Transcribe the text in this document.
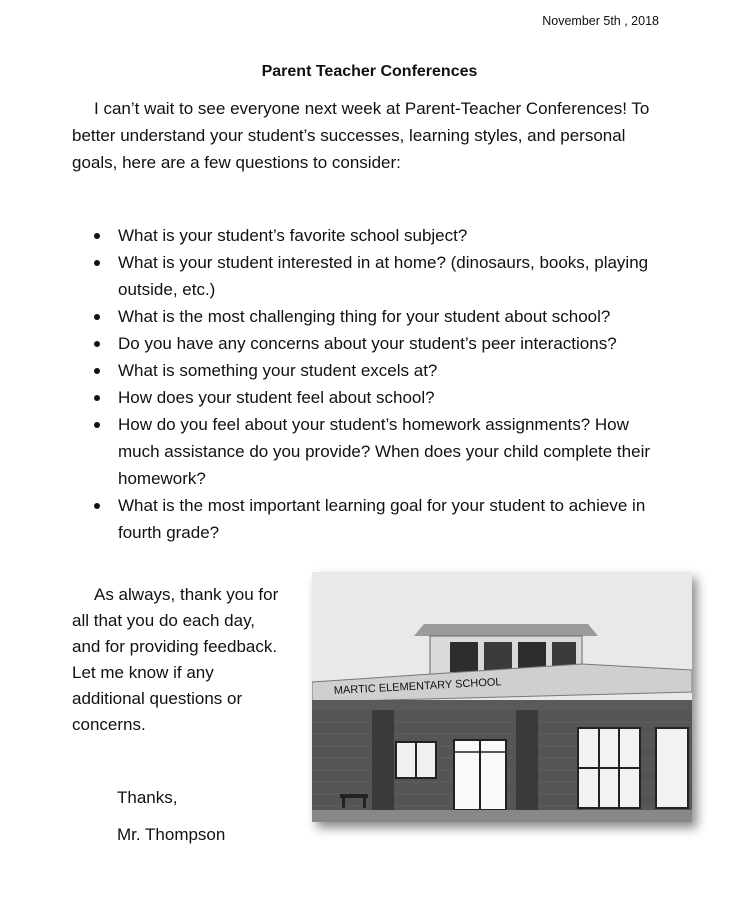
November 5th , 2018
Parent Teacher Conferences

I can’t wait to see everyone next week at Parent-Teacher Conferences! To better understand your student’s successes, learning styles, and personal goals, here are a few questions to consider:

What is your student’s favorite school subject?
What is your student interested in at home? (dinosaurs, books, playing outside, etc.)
What is the most challenging thing for your student about school?
Do you have any concerns about your student’s peer interactions?
What is something your student excels at?
How does your student feel about school?
How do you feel about your student’s homework assignments? How much assistance do you provide? When does your child complete their homework?
What is the most important learning goal for your student to achieve in fourth grade?

As always, thank you for all that you do each day, and for providing feedback. Let me know if any additional questions or concerns.

Thanks,
Mr. Thompson
MARTIC ELEMENTARY SCHOOL
